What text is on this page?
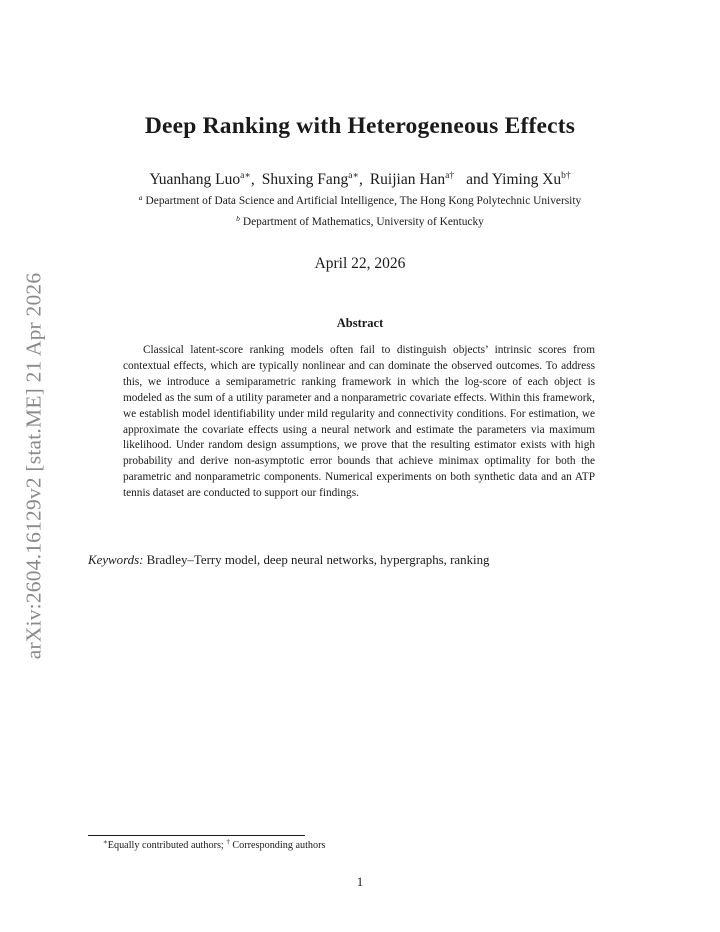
arXiv:2604.16129v2 [stat.ME] 21 Apr 2026
Deep Ranking with Heterogeneous Effects
Yuanhang Luo$^{a∗}$, Shuxing Fang$^{a∗}$, Ruijian Han$^{a\dagger}$ and Yiming $Xu^{b\dagger}$
$^a$ Department of Data Science and Artificial Intelligence, The Hong Kong Polytechnic University
$^b$ Department of Mathematics, University of Kentucky
April 22, 2026
Abstract
Classical latent-score ranking models often fail to distinguish objects’ intrinsic scores from contextual effects, which are typically nonlinear and can dominate the observed outcomes. To address this, we introduce a semiparametric ranking framework in which the log-score of each object is modeled as the sum of a utility parameter and a nonparametric covariate effects. Within this framework, we establish model identifiability under mild regularity and connectivity conditions. For estimation, we approximate the covariate effects using a neural network and estimate the parameters via maximum likelihood. Under random design assumptions, we prove that the resulting estimator exists with high probability and derive non-asymptotic error bounds that achieve minimax optimality for both the parametric and nonparametric components. Numerical experiments on both synthetic data and an ATP tennis dataset are conducted to support our findings.
Keywords: Bradley–Terry model, deep neural networks, hypergraphs, ranking
∗Equally contributed authors; † Corresponding authors
1
